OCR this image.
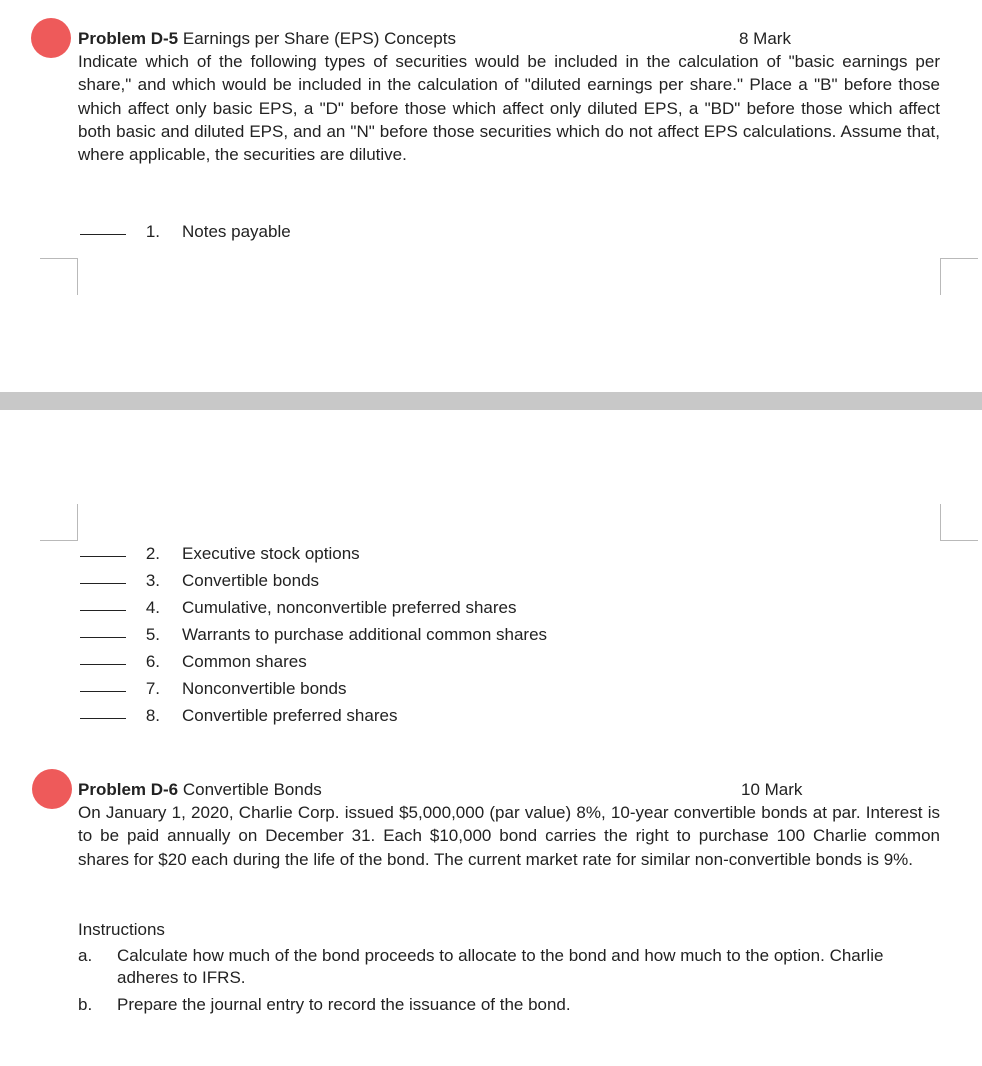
Problem D-5 Earnings per Share (EPS) Concepts	8 Mark
Indicate which of the following types of securities would be included in the calculation of "basic earnings per share," and which would be included in the calculation of "diluted earnings per share." Place a "B" before those which affect only basic EPS, a "D" before those which affect only diluted EPS, a "BD" before those which affect both basic and diluted EPS, and an "N" before those securities which do not affect EPS calculations. Assume that, where applicable, the securities are dilutive.
1. Notes payable
2. Executive stock options
3. Convertible bonds
4. Cumulative, nonconvertible preferred shares
5. Warrants to purchase additional common shares
6. Common shares
7. Nonconvertible bonds
8. Convertible preferred shares
Problem D-6 Convertible Bonds	10 Mark
On January 1, 2020, Charlie Corp. issued $5,000,000 (par value) 8%, 10-year convertible bonds at par. Interest is to be paid annually on December 31. Each $10,000 bond carries the right to purchase 100 Charlie common shares for $20 each during the life of the bond. The current market rate for similar non-convertible bonds is 9%.
Instructions
a. Calculate how much of the bond proceeds to allocate to the bond and how much to the option. Charlie adheres to IFRS.
b. Prepare the journal entry to record the issuance of the bond.
